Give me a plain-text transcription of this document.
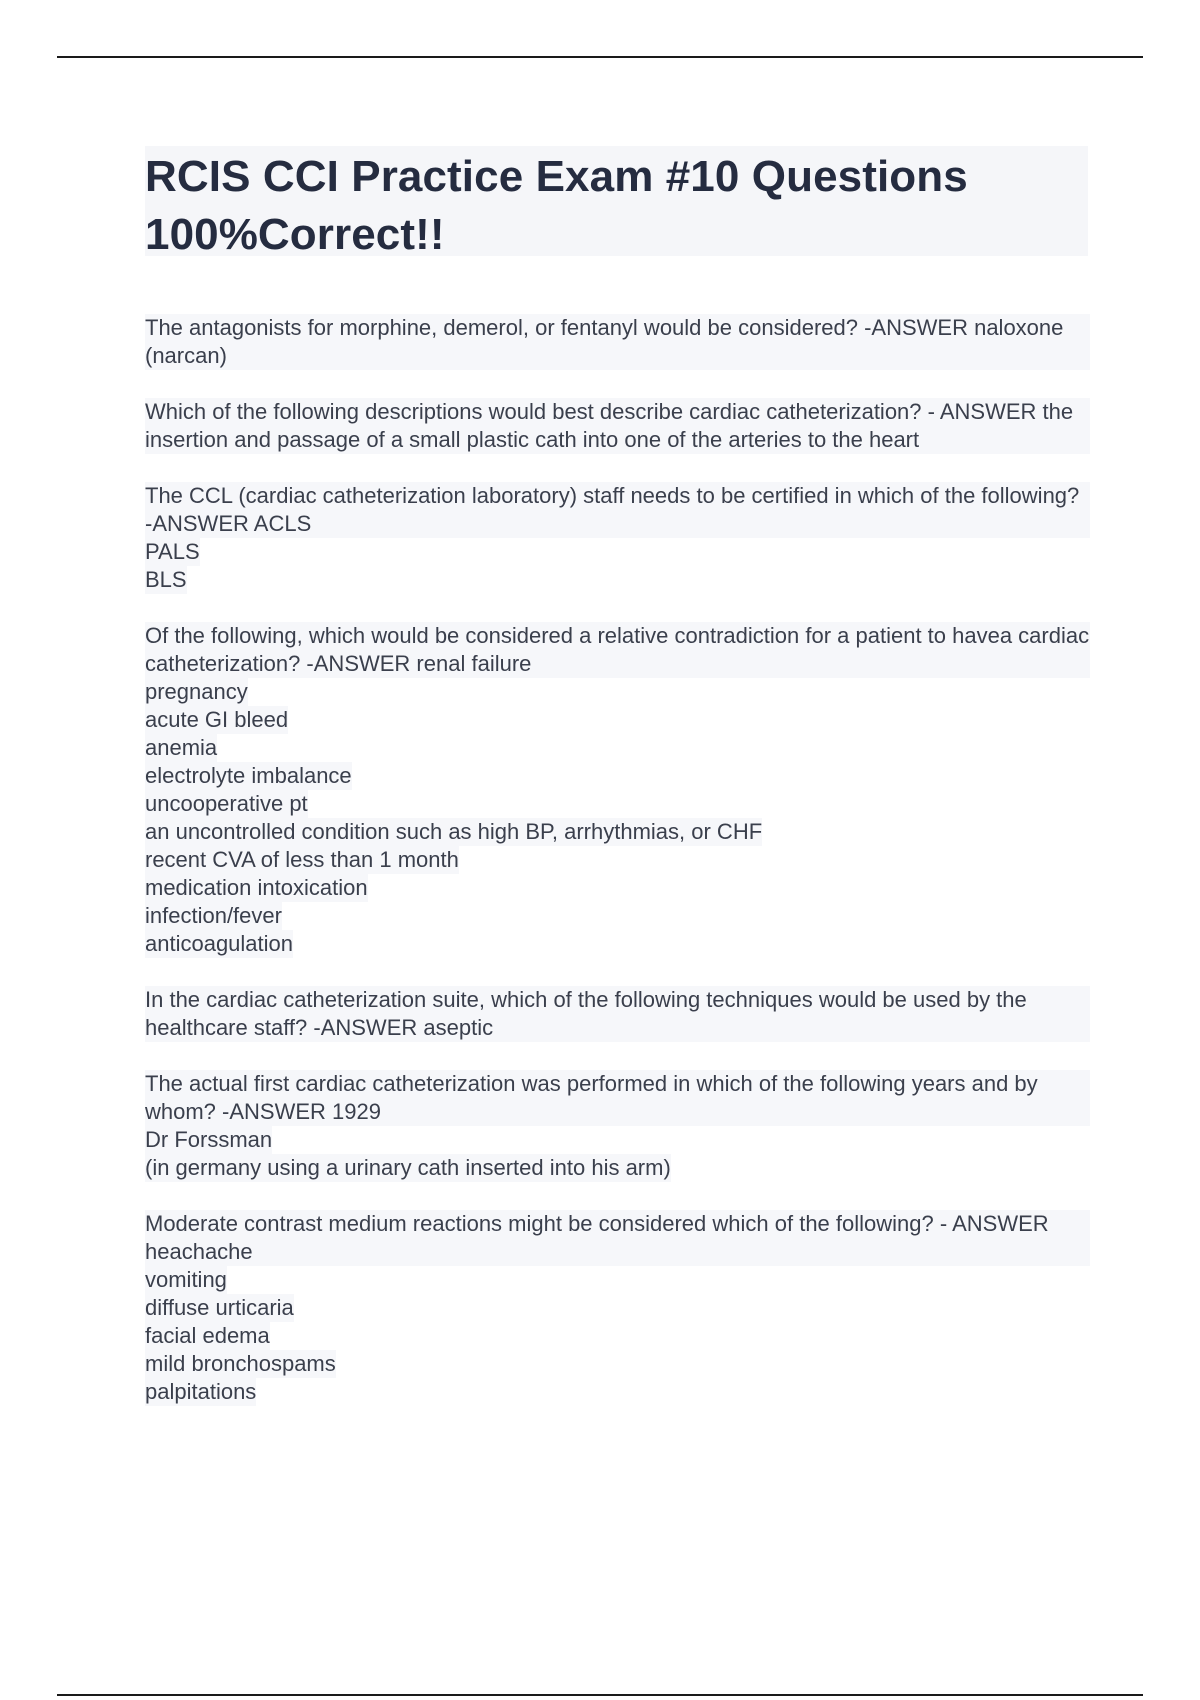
RCIS CCI Practice Exam #10 Questions 100%Correct!!

The antagonists for morphine, demerol, or fentanyl would be considered? -ANSWER naloxone (narcan)

Which of the following descriptions would best describe cardiac catheterization? - ANSWER the insertion and passage of a small plastic cath into one of the arteries to the heart

The CCL (cardiac catheterization laboratory) staff needs to be certified in which of the following? -ANSWER ACLS

PALS
BLS

Of the following, which would be considered a relative contradiction for a patient to havea cardiac catheterization? -ANSWER renal failure

pregnancy
acute GI bleed
anemia
electrolyte imbalance
uncooperative pt
an uncontrolled condition such as high BP, arrhythmias, or CHF
recent CVA of less than 1 month
medication intoxication
infection/fever
anticoagulation

In the cardiac catheterization suite, which of the following techniques would be used by the healthcare staff? -ANSWER aseptic

The actual first cardiac catheterization was performed in which of the following years and by whom? -ANSWER 1929

Dr Forssman
(in germany using a urinary cath inserted into his arm)

Moderate contrast medium reactions might be considered which of the following? - ANSWER heachache

vomiting
diffuse urticaria
facial edema
mild bronchospams
palpitations
